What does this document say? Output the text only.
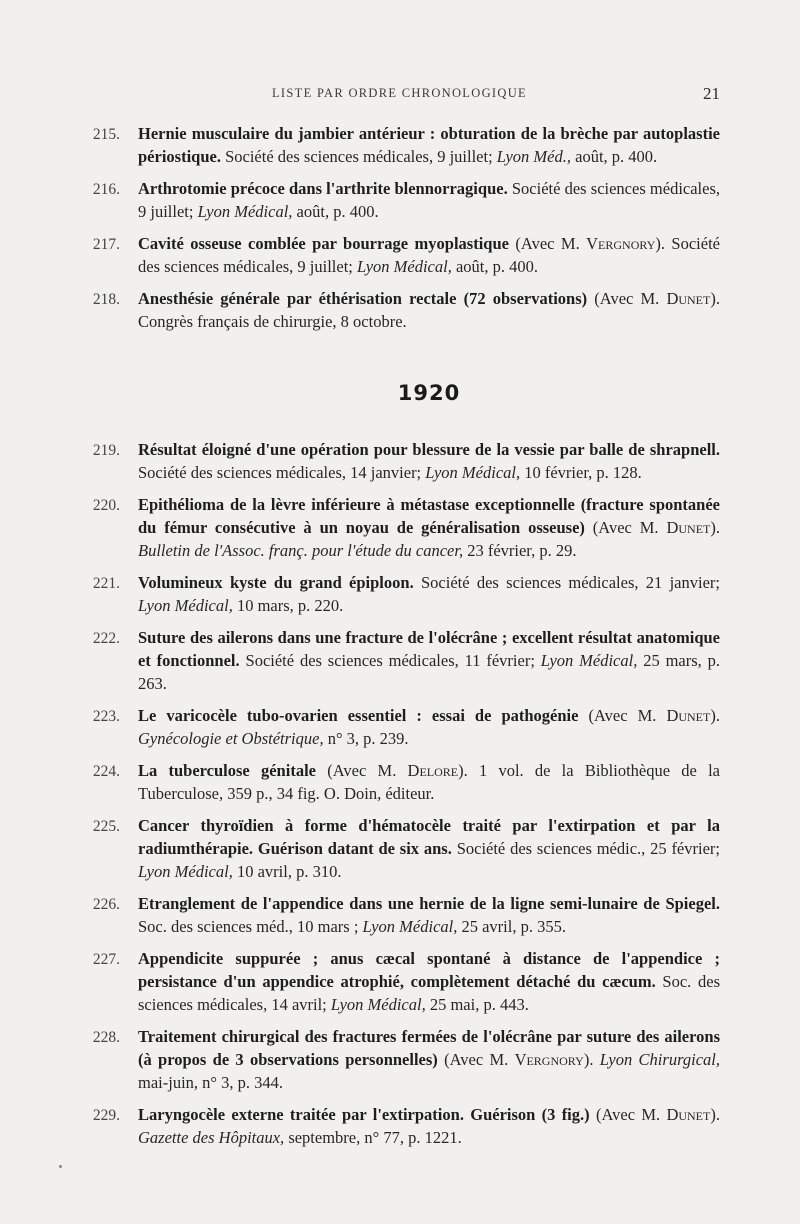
LISTE PAR ORDRE CHRONOLOGIQUE	21
215. Hernie musculaire du jambier antérieur : obturation de la brèche par autoplastie périostique. Société des sciences médicales, 9 juillet; Lyon Méd., août, p. 400.
216. Arthrotomie précoce dans l'arthrite blennorragique. Société des sciences médicales, 9 juillet; Lyon Médical, août, p. 400.
217. Cavité osseuse comblée par bourrage myoplastique (Avec M. Vergnory). Société des sciences médicales, 9 juillet; Lyon Médical, août, p. 400.
218. Anesthésie générale par éthérisation rectale (72 observations) (Avec M. Dunet). Congrès français de chirurgie, 8 octobre.
1920
219. Résultat éloigné d'une opération pour blessure de la vessie par balle de shrapnell. Société des sciences médicales, 14 janvier; Lyon Médical, 10 février, p. 128.
220. Epithélioma de la lèvre inférieure à métastase exceptionnelle (fracture spontanée du fémur consécutive à un noyau de généralisation osseuse) (Avec M. Dunet). Bulletin de l'Assoc. franç. pour l'étude du cancer, 23 février, p. 29.
221. Volumineux kyste du grand épiploon. Société des sciences médicales, 21 janvier; Lyon Médical, 10 mars, p. 220.
222. Suture des ailerons dans une fracture de l'olécrâne ; excellent résultat anatomique et fonctionnel. Société des sciences médicales, 11 février; Lyon Médical, 25 mars, p. 263.
223. Le varicocèle tubo-ovarien essentiel : essai de pathogénie (Avec M. Dunet). Gynécologie et Obstétrique, n° 3, p. 239.
224. La tuberculose génitale (Avec M. Delore). 1 vol. de la Bibliothèque de la Tuberculose, 359 p., 34 fig. O. Doin, éditeur.
225. Cancer thyroïdien à forme d'hématocèle traité par l'extirpation et par la radiumthérapie. Guérison datant de six ans. Société des sciences médic., 25 février; Lyon Médical, 10 avril, p. 310.
226. Etranglement de l'appendice dans une hernie de la ligne semi-lunaire de Spiegel. Soc. des sciences méd., 10 mars ; Lyon Médical, 25 avril, p. 355.
227. Appendicite suppurée ; anus cæcal spontané à distance de l'appendice ; persistance d'un appendice atrophié, complètement détaché du cæcum. Soc. des sciences médicales, 14 avril; Lyon Médical, 25 mai, p. 443.
228. Traitement chirurgical des fractures fermées de l'olécrâne par suture des ailerons (à propos de 3 observations personnelles) (Avec M. Vergnory). Lyon Chirurgical, mai-juin, n° 3, p. 344.
229. Laryngocèle externe traitée par l'extirpation. Guérison (3 fig.) (Avec M. Dunet). Gazette des Hôpitaux, septembre, n° 77, p. 1221.
